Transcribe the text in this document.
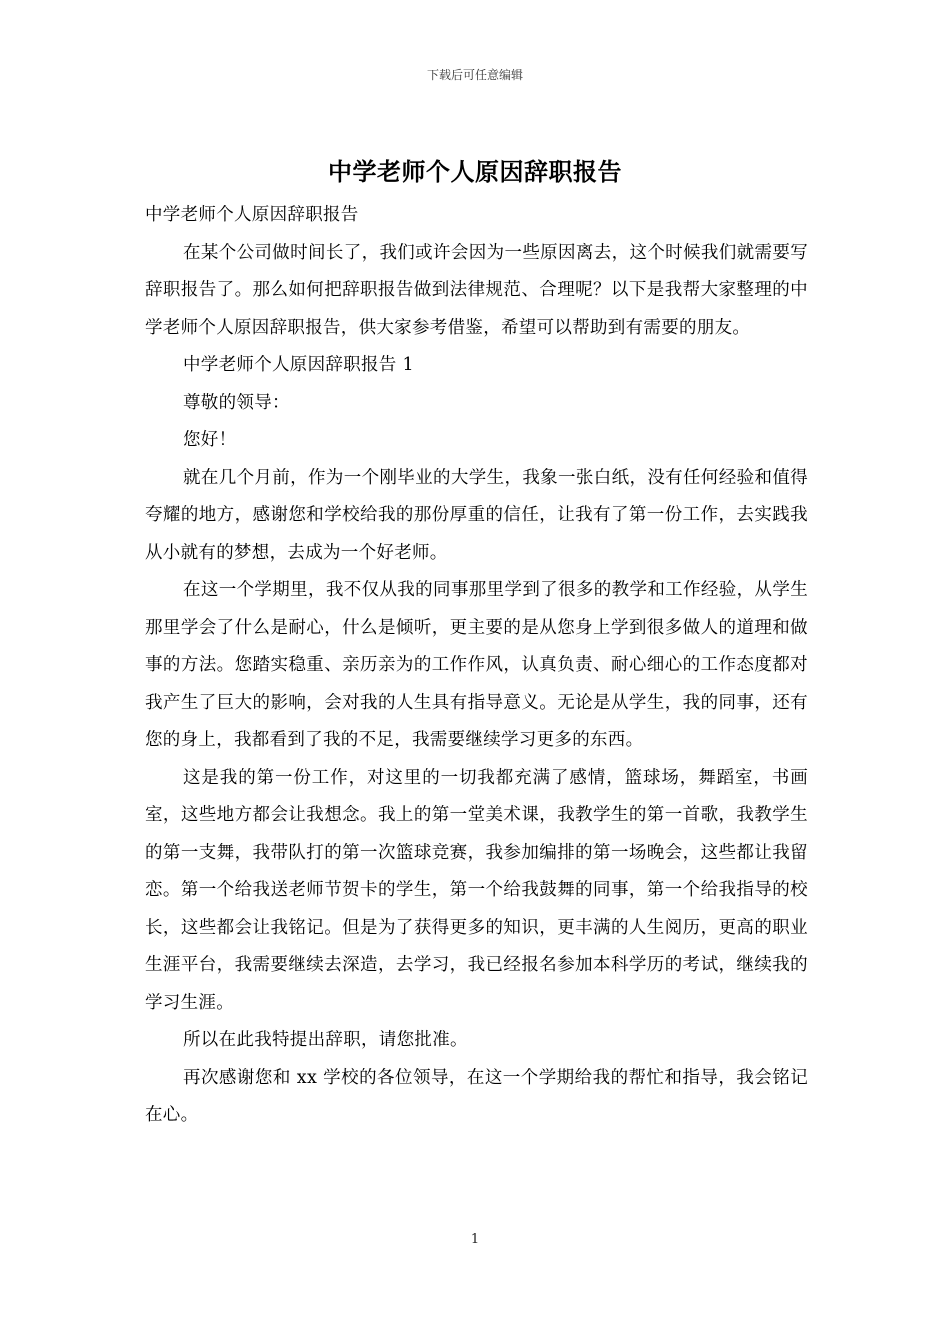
下载后可任意编辑
中学老师个人原因辞职报告

中学老师个人原因辞职报告

在某个公司做时间长了，我们或许会因为一些原因离去，这个时候我们就需要写辞职报告了。那么如何把辞职报告做到法律规范、合理呢？以下是我帮大家整理的中学老师个人原因辞职报告，供大家参考借鉴，希望可以帮助到有需要的朋友。

中学老师个人原因辞职报告 1

尊敬的领导：

您好！

就在几个月前，作为一个刚毕业的大学生，我象一张白纸，没有任何经验和值得夸耀的地方，感谢您和学校给我的那份厚重的信任，让我有了第一份工作，去实践我从小就有的梦想，去成为一个好老师。

在这一个学期里，我不仅从我的同事那里学到了很多的教学和工作经验，从学生那里学会了什么是耐心，什么是倾听，更主要的是从您身上学到很多做人的道理和做事的方法。您踏实稳重、亲历亲为的工作作风，认真负责、耐心细心的工作态度都对我产生了巨大的影响，会对我的人生具有指导意义。无论是从学生，我的同事，还有您的身上，我都看到了我的不足，我需要继续学习更多的东西。

这是我的第一份工作，对这里的一切我都充满了感情，篮球场，舞蹈室，书画室，这些地方都会让我想念。我上的第一堂美术课，我教学生的第一首歌，我教学生的第一支舞，我带队打的第一次篮球竞赛，我参加编排的第一场晚会，这些都让我留恋。第一个给我送老师节贺卡的学生，第一个给我鼓舞的同事，第一个给我指导的校长，这些都会让我铭记。但是为了获得更多的知识，更丰满的人生阅历，更高的职业生涯平台，我需要继续去深造，去学习，我已经报名参加本科学历的考试，继续我的学习生涯。

所以在此我特提出辞职，请您批准。

再次感谢您和 xx 学校的各位领导，在这一个学期给我的帮忙和指导，我会铭记在心。

1
